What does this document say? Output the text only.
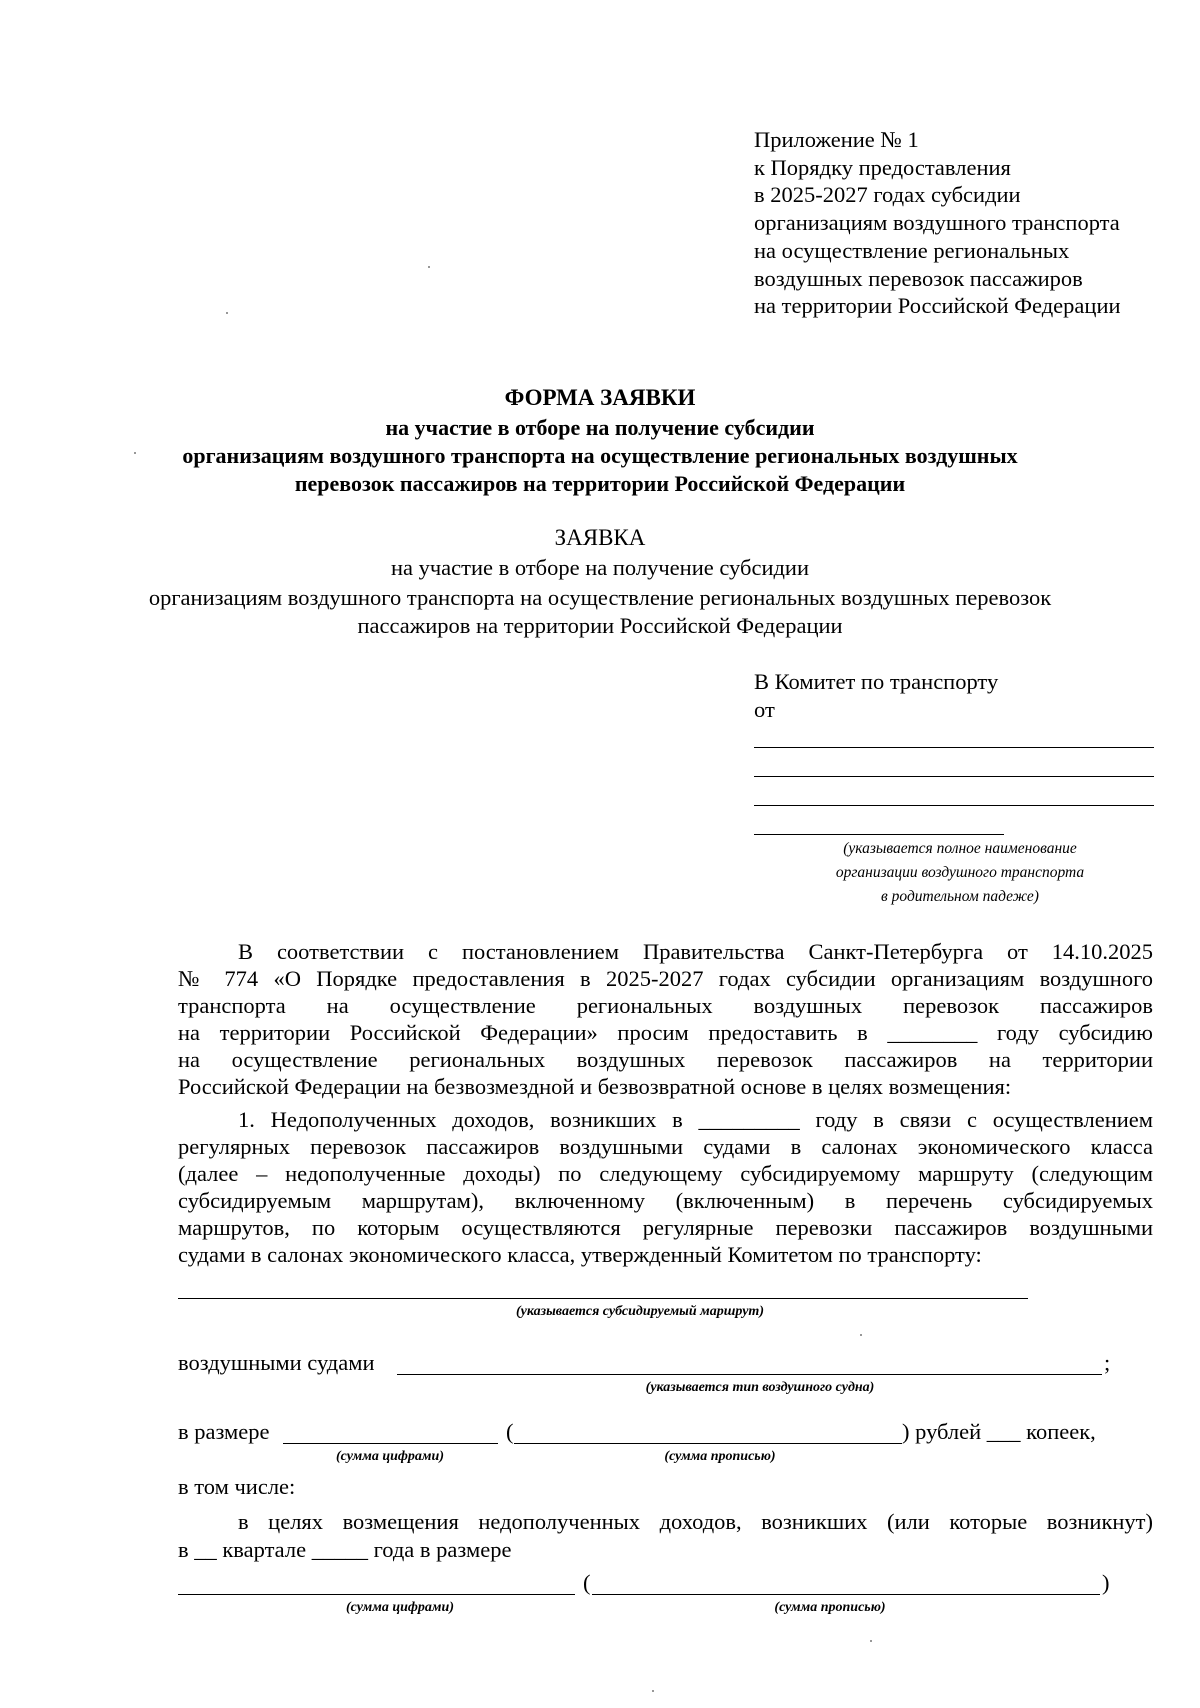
Приложение № 1
к Порядку предоставления
в 2025-2027 годах субсидии
организациям воздушного транспорта
на осуществление региональных
воздушных перевозок пассажиров
на территории Российской Федерации
ФОРМА ЗАЯВКИ
на участие в отборе на получение субсидии
организациям воздушного транспорта на осуществление региональных воздушных
перевозок пассажиров на территории Российской Федерации
ЗАЯВКА
на участие в отборе на получение субсидии
организациям воздушного транспорта на осуществление региональных воздушных перевозок
пассажиров на территории Российской Федерации
В Комитет по транспорту
от
(указывается полное наименование
организации воздушного транспорта
в родительном падеже)
В соответствии с постановлением Правительства Санкт-Петербурга от 14.10.2025
№ 774 «О Порядке предоставления в 2025-2027 годах субсидии организациям воздушного
транспорта на осуществление региональных воздушных перевозок пассажиров
на территории Российской Федерации» просим предоставить в ________ году субсидию
на осуществление региональных воздушных перевозок пассажиров на территории
Российской Федерации на безвозмездной и безвозвратной основе в целях возмещения:
1. Недополученных доходов, возникших в _________ году в связи с осуществлением
регулярных перевозок пассажиров воздушными судами в салонах экономического класса
(далее – недополученные доходы) по следующему субсидируемому маршруту (следующим
субсидируемым маршрутам), включенному (включенным) в перечень субсидируемых
маршрутов, по которым осуществляются регулярные перевозки пассажиров воздушными
судами в салонах экономического класса, утвержденный Комитетом по транспорту:
(указывается субсидируемый маршрут)
воздушными судами	;
(указывается тип воздушного судна)
в размере	(	) рублей ___ копеек,
(сумма цифрами)	(сумма прописью)
в том числе:
в целях возмещения недополученных доходов, возникших (или которые возникнут)
в __ квартале _____ года в размере
(	)
(сумма цифрами)	(сумма прописью)
